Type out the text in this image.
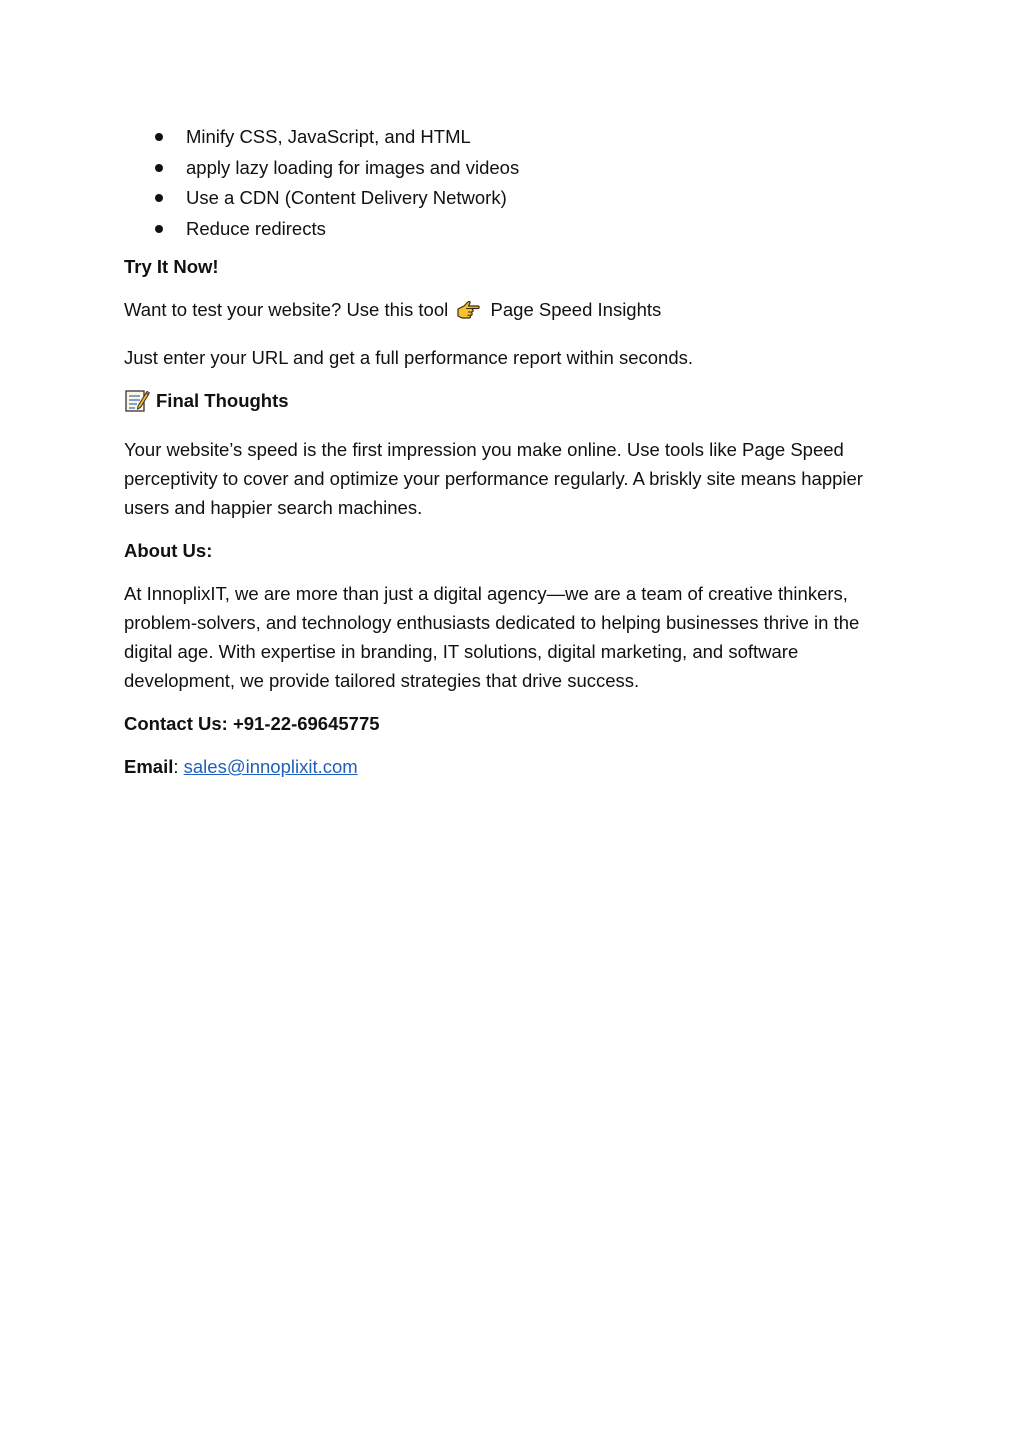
Minify CSS, JavaScript, and HTML
apply lazy loading for images and videos
Use a CDN (Content Delivery Network)
Reduce redirects

Try It Now!

Want to test your website? Use this tool Page Speed Insights

Just enter your URL and get a full performance report within seconds.

Final Thoughts

Your website’s speed is the first impression you make online. Use tools like Page Speed perceptivity to cover and optimize your performance regularly. A briskly site means happier users and happier search machines.

About Us:

At InnoplixIT, we are more than just a digital agency—we are a team of creative thinkers, problem-solvers, and technology enthusiasts dedicated to helping businesses thrive in the digital age. With expertise in branding, IT solutions, digital marketing, and software development, we provide tailored strategies that drive success.

Contact Us: +91-22-69645775

Email: sales@innoplixit.com
